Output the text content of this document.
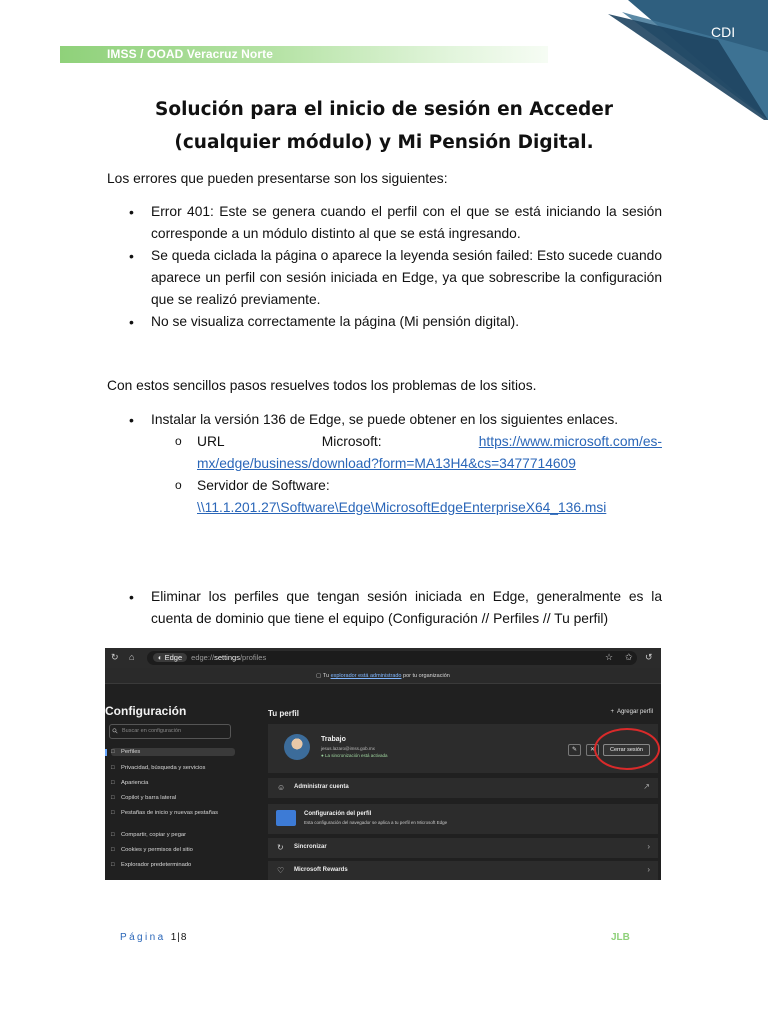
IMSS / OOAD Veracruz Norte
CDI
Solución para el inicio de sesión en Acceder
(cualquier módulo) y Mi Pensión Digital.
Los errores que pueden presentarse son los siguientes:
• Error 401: Este se genera cuando el perfil con el que se está iniciando la sesión corresponde a un módulo distinto al que se está ingresando.
• Se queda ciclada la página o aparece la leyenda sesión failed: Esto sucede cuando aparece un perfil con sesión iniciada en Edge, ya que sobrescribe la configuración que se realizó previamente.
• No se visualiza correctamente la página (Mi pensión digital).
Con estos sencillos pasos resuelves todos los problemas de los sitios.
• Instalar la versión 136 de Edge, se puede obtener en los siguientes enlaces.
o URL	Microsoft:	https://www.microsoft.com/es-
mx/edge/business/download?form=MA13H4&cs=3477714609
o Servidor de Software:
\\11.1.201.27\Software\Edge\MicrosoftEdgeEnterpriseX64_136.msi
• Eliminar los perfiles que tengan sesión iniciada en Edge, generalmente es la cuenta de dominio que tiene el equipo (Configuración // Perfiles // Tu perfil)
↻ ⌂	◐ Edge edge://settings/profiles	☆ ✩ ↺
▢ Tu explorador está administrado por tu organización
Configuración
⚲ Buscar en configuración
□ Perfiles
□ Privacidad, búsqueda y servicios
□ Apariencia
□ Copilot y barra lateral
□ Pestañas de inicio y nuevas pestañas
□ Compartir, copiar y pegar
□ Cookies y permisos del sitio
□ Explorador predeterminado
Tu perfil	+  Agregar perfil
Trabajo
jesus.lazaro@imss.gob.mx
● La sincronización está activada
✎	✕	Cerrar sesión
☺ Administrar cuenta	↗
Configuración del perfil
Esta configuración del navegador se aplica a tu perfil en Microsoft Edge
↻ Sincronizar	›
♡ Microsoft Rewards	›
Página 1|8	JLB
